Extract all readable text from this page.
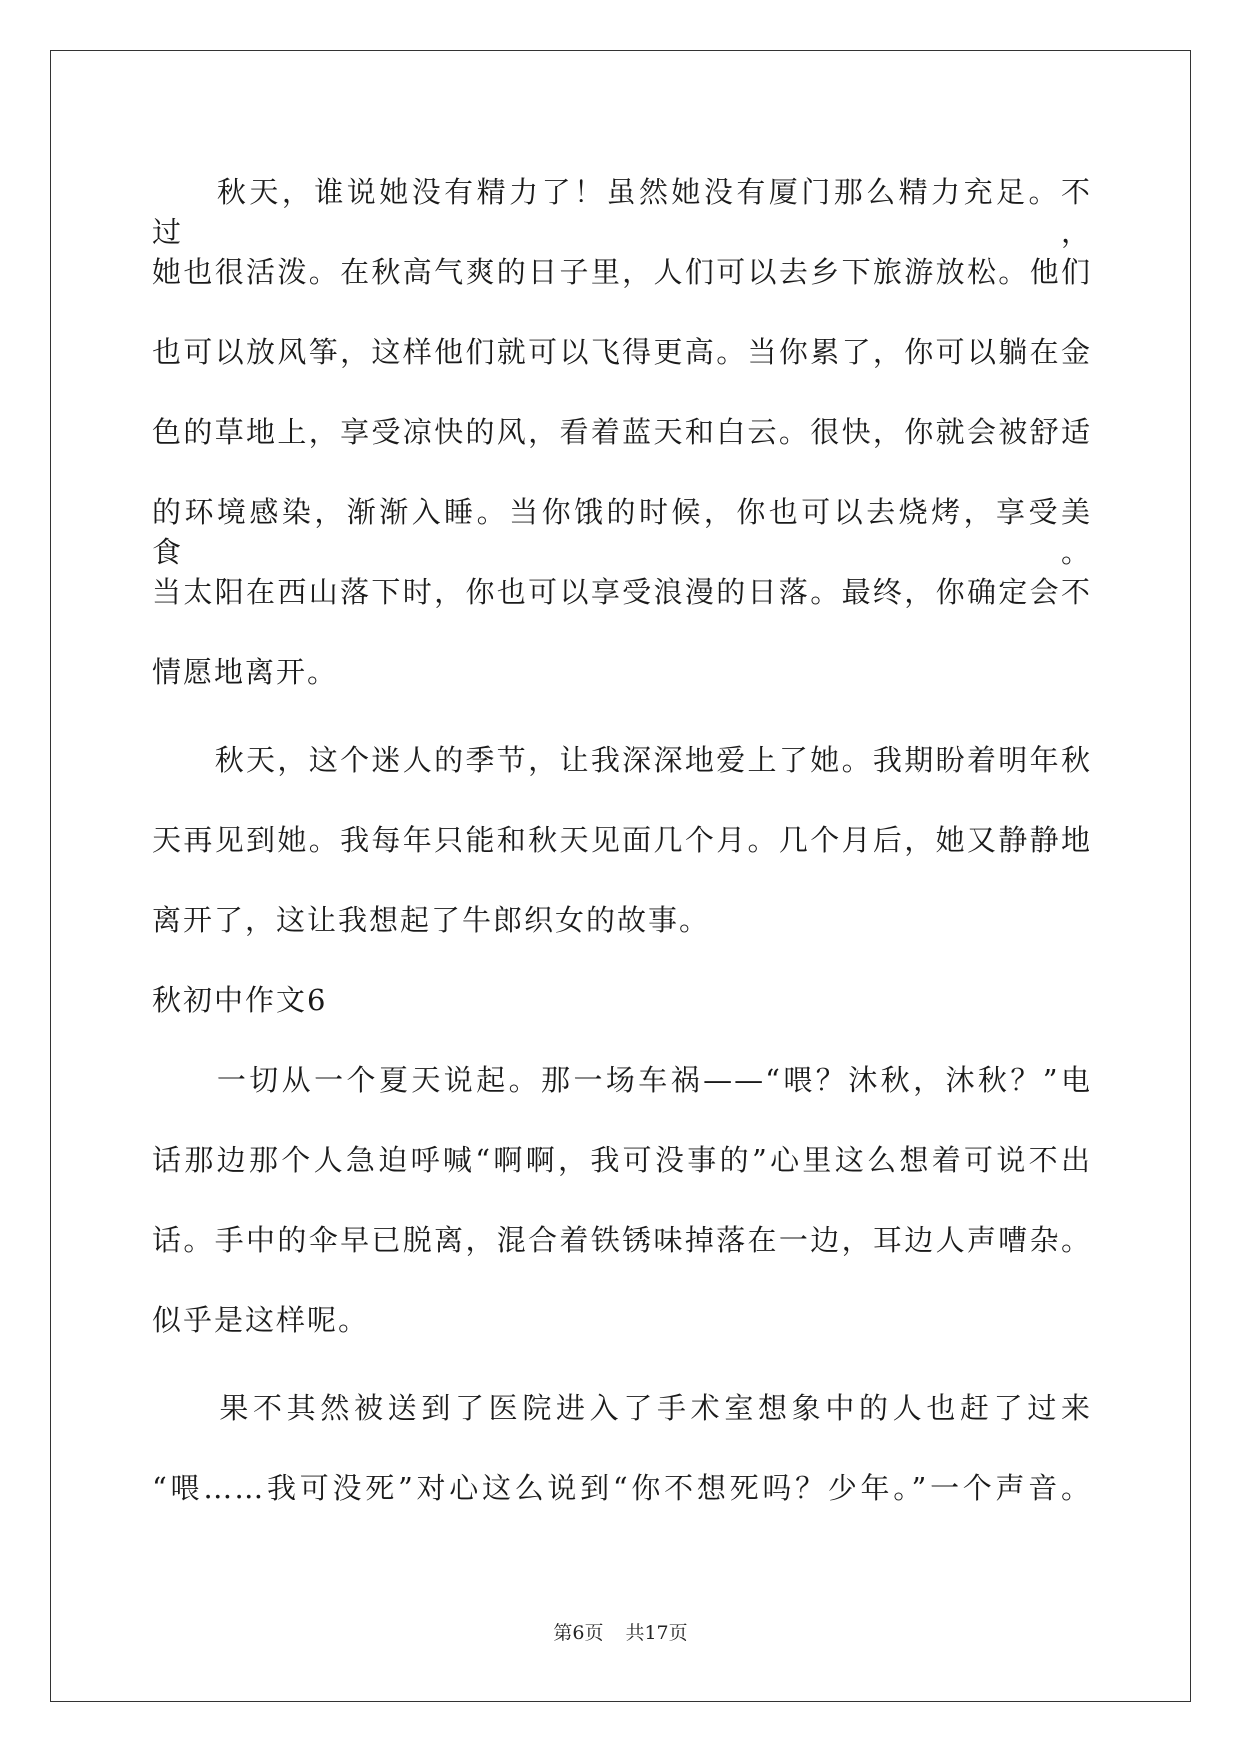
　　秋天，谁说她没有精力了！虽然她没有厦门那么精力充足。不过，

她也很活泼。在秋高气爽的日子里，人们可以去乡下旅游放松。他们

也可以放风筝，这样他们就可以飞得更高。当你累了，你可以躺在金

色的草地上，享受凉快的风，看着蓝天和白云。很快，你就会被舒适

的环境感染，渐渐入睡。当你饿的时候，你也可以去烧烤，享受美食。

当太阳在西山落下时，你也可以享受浪漫的日落。最终，你确定会不

情愿地离开。

　　秋天，这个迷人的季节，让我深深地爱上了她。我期盼着明年秋

天再见到她。我每年只能和秋天见面几个月。几个月后，她又静静地

离开了，这让我想起了牛郎织女的故事。

秋初中作文6

　　一切从一个夏天说起。那一场车祸——“喂？沐秋，沐秋？”电

话那边那个人急迫呼喊“啊啊，我可没事的”心里这么想着可说不出

话。手中的伞早已脱离，混合着铁锈味掉落在一边，耳边人声嘈杂。

似乎是这样呢。

　　果不其然被送到了医院进入了手术室想象中的人也赶了过来

“喂……我可没死”对心这么说到“你不想死吗？少年。”一个声音。

第6页 共17页
